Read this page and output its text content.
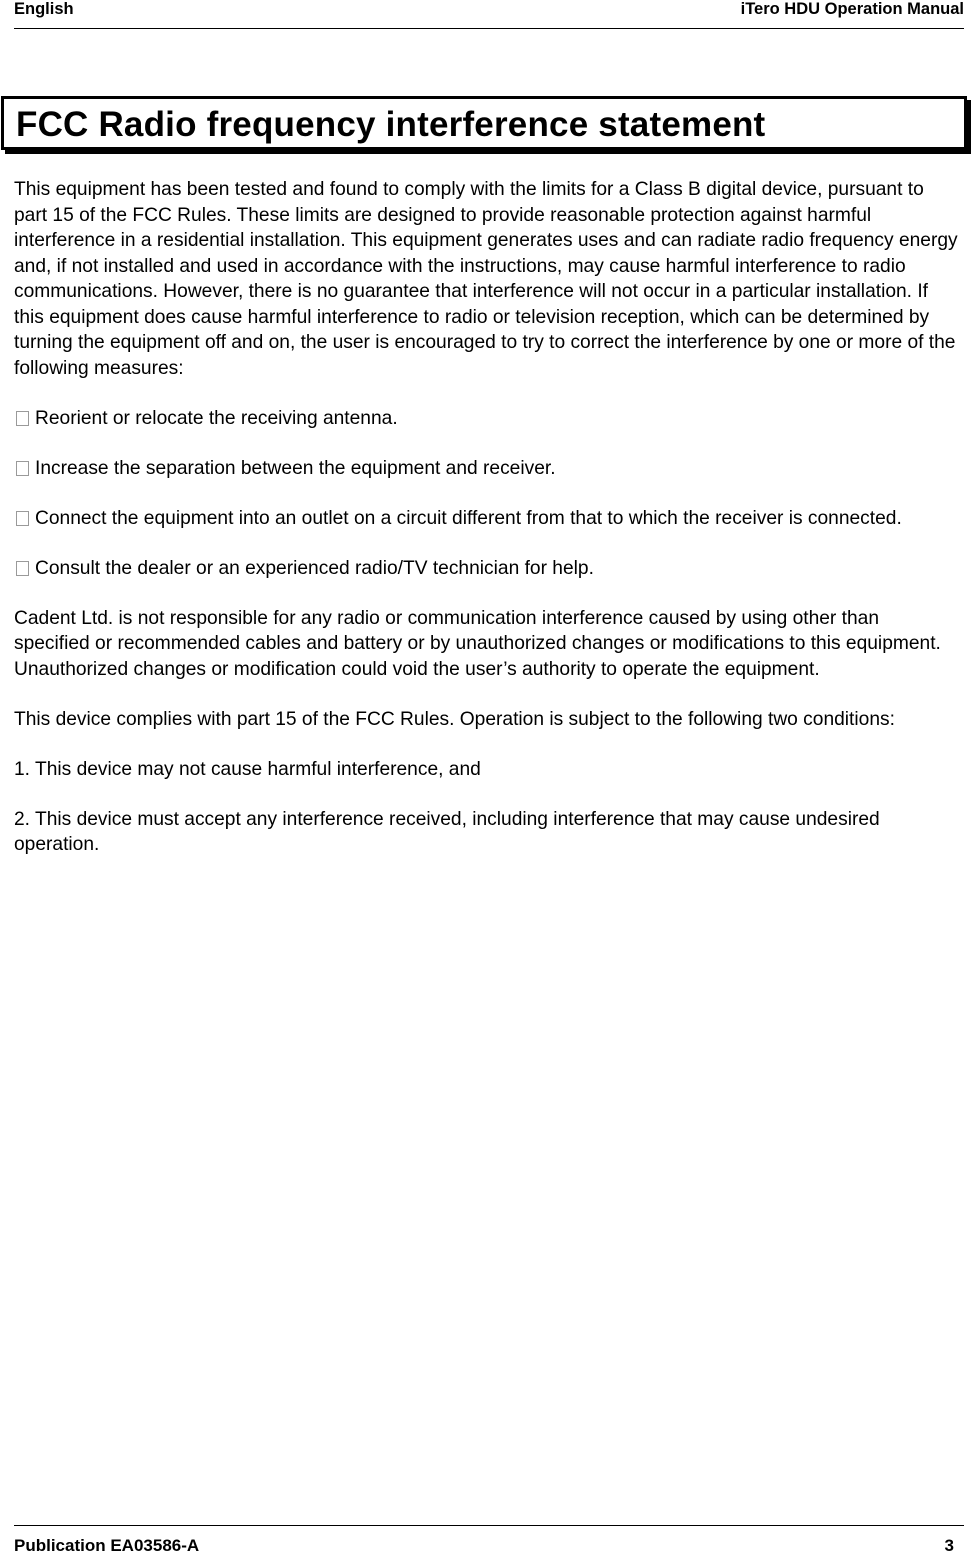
English	iTero HDU Operation Manual
FCC Radio frequency interference statement

This equipment has been tested and found to comply with the limits for a Class B digital device, pursuant to part 15 of the FCC Rules. These limits are designed to provide reasonable protection against harmful interference in a residential installation. This equipment generates uses and can radiate radio frequency energy and, if not installed and used in accordance with the instructions, may cause harmful interference to radio communications. However, there is no guarantee that interference will not occur in a particular installation. If this equipment does cause harmful interference to radio or television reception, which can be determined by turning the equipment off and on, the user is encouraged to try to correct the interference by one or more of the following measures:

Reorient or relocate the receiving antenna.

Increase the separation between the equipment and receiver.

Connect the equipment into an outlet on a circuit different from that to which the receiver is connected.

Consult the dealer or an experienced radio/TV technician for help.

Cadent Ltd. is not responsible for any radio or communication interference caused by using other than specified or recommended cables and battery or by unauthorized changes or modifications to this equipment. Unauthorized changes or modification could void the user’s authority to operate the equipment.

This device complies with part 15 of the FCC Rules. Operation is subject to the following two conditions:

1. This device may not cause harmful interference, and

2. This device must accept any interference received, including interference that may cause undesired operation.

Publication EA03586-A	3
